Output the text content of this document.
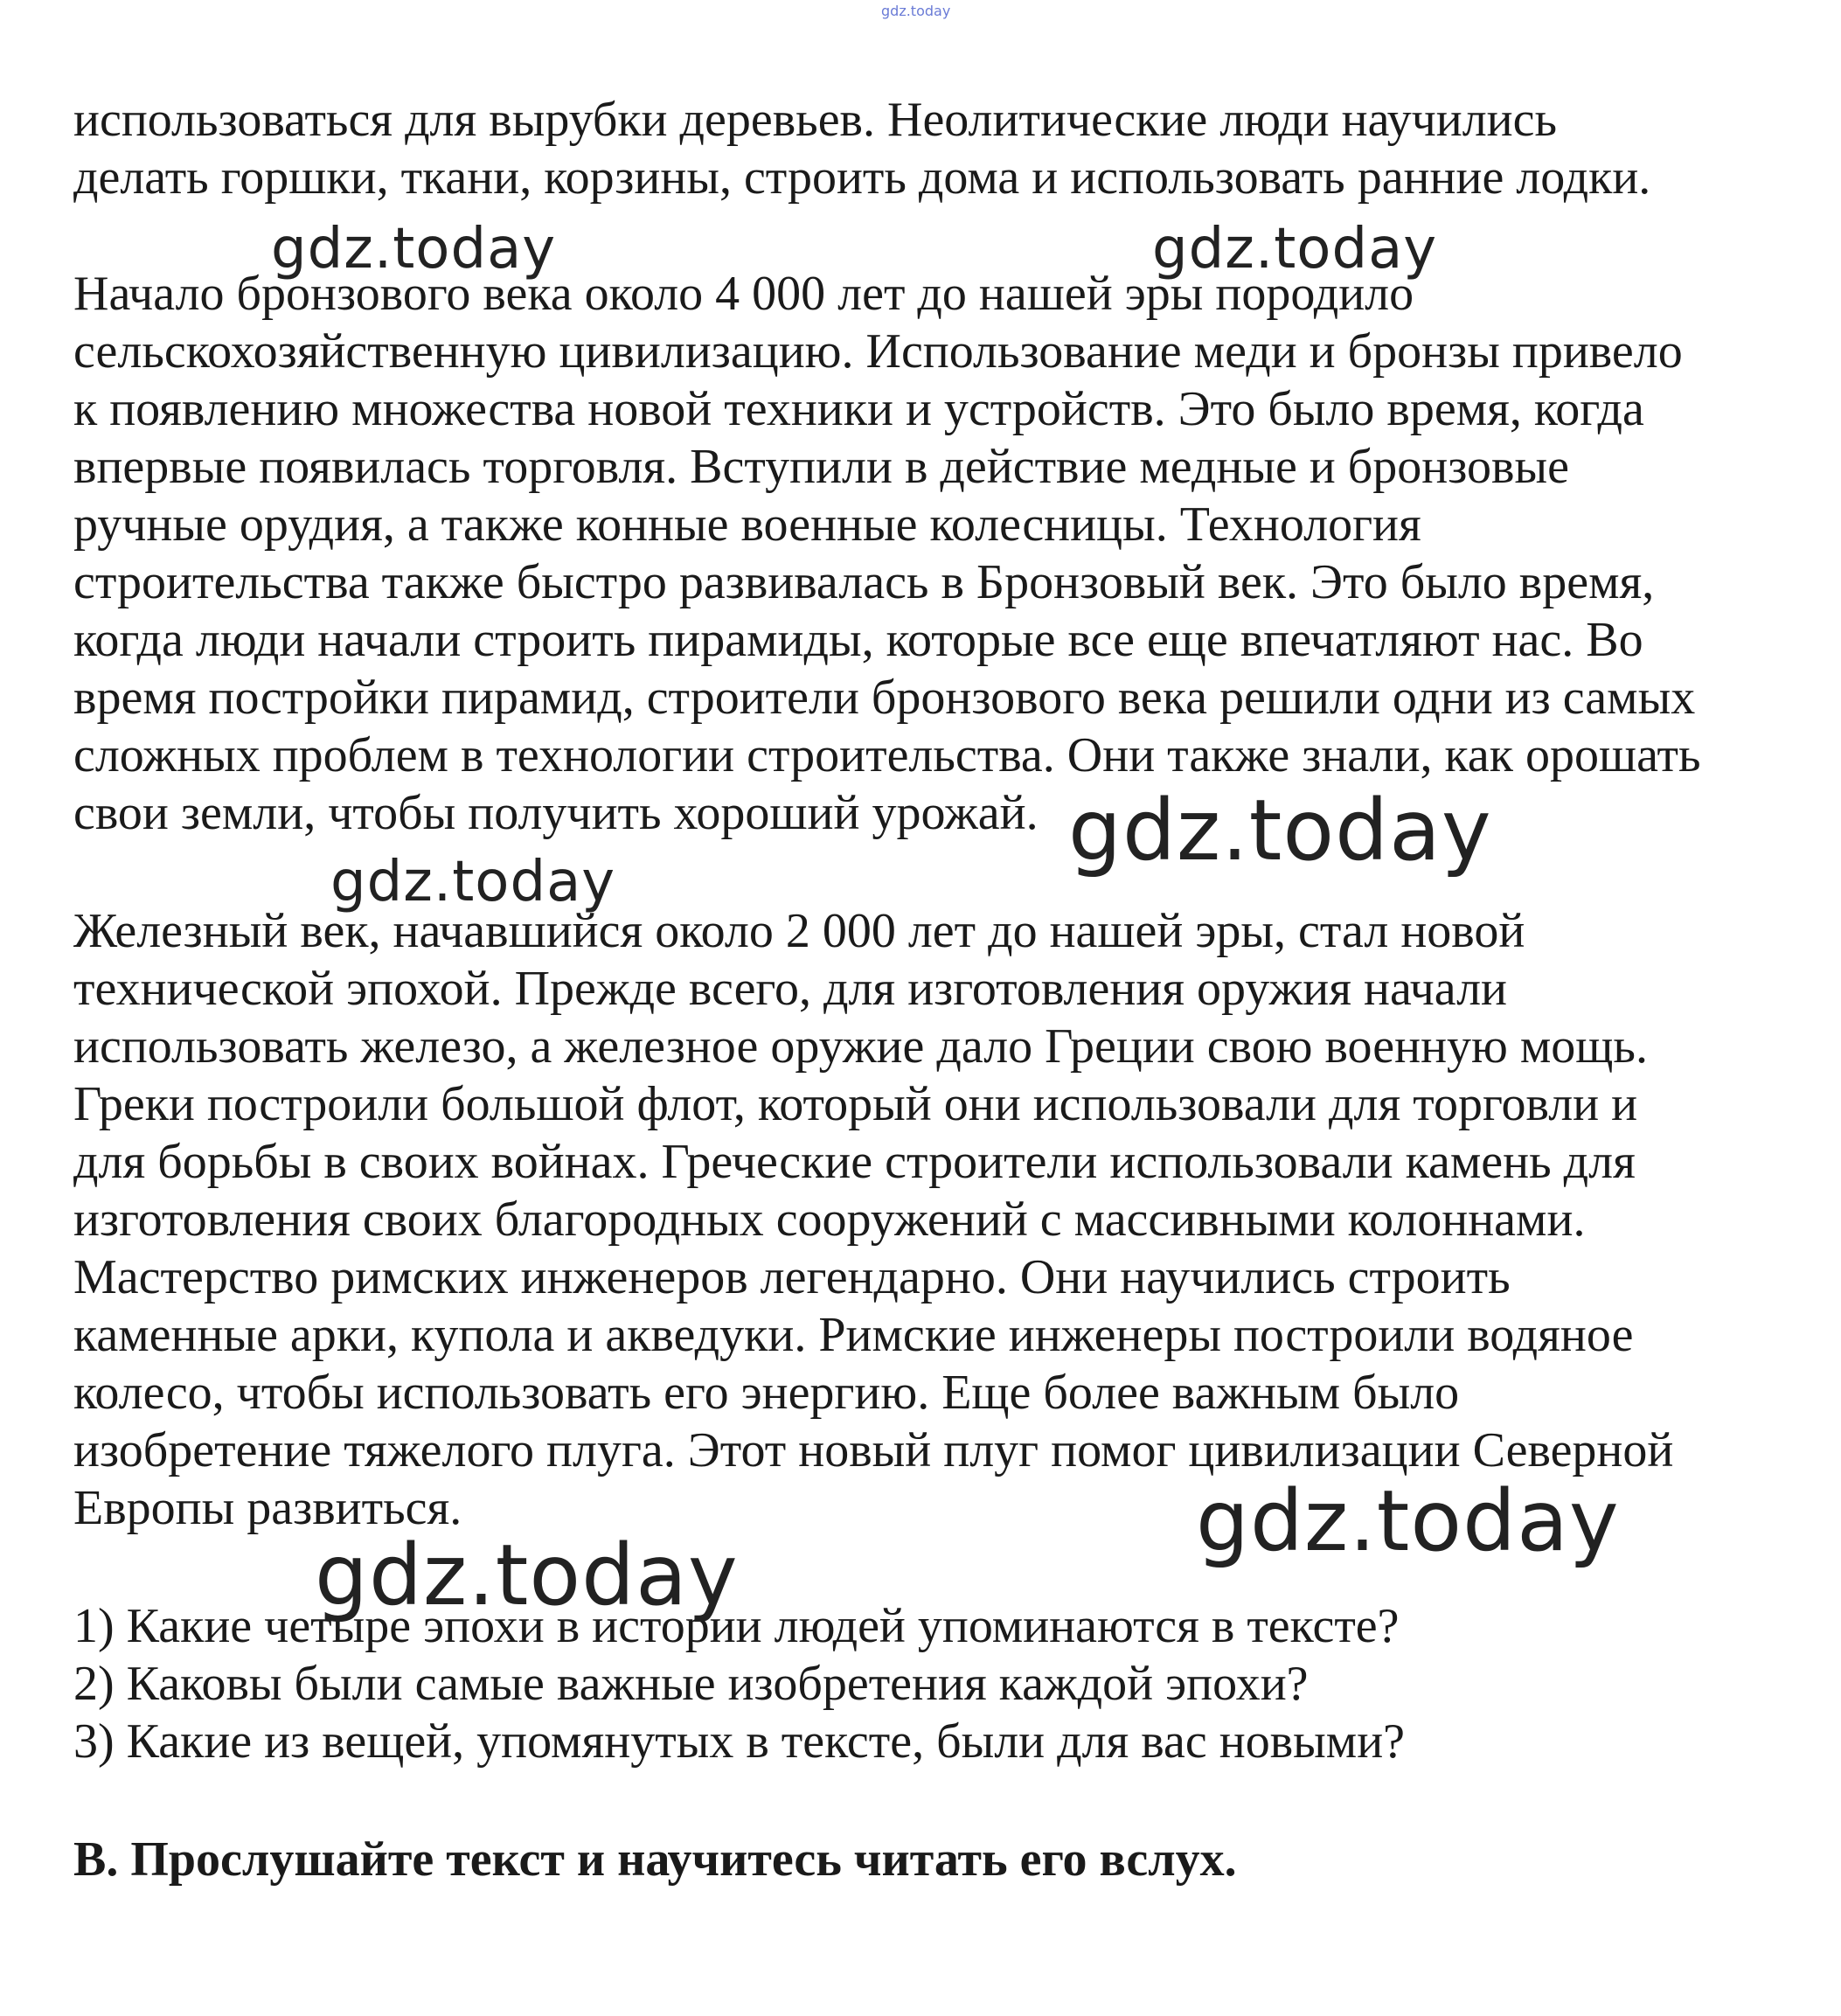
gdz.today
использоваться для вырубки деревьев. Неолитические люди научились
делать горшки, ткани, корзины, строить дома и использовать ранние лодки.
Начало бронзового века около 4 000 лет до нашей эры породило
сельскохозяйственную цивилизацию. Использование меди и бронзы привело
к появлению множества новой техники и устройств. Это было время, когда
впервые появилась торговля. Вступили в действие медные и бронзовые
ручные орудия, а также конные военные колесницы. Технология
строительства также быстро развивалась в Бронзовый век. Это было время,
когда люди начали строить пирамиды, которые все еще впечатляют нас. Во
время постройки пирамид, строители бронзового века решили одни из самых
сложных проблем в технологии строительства. Они также знали, как орошать
свои земли, чтобы получить хороший урожай.
Железный век, начавшийся около 2 000 лет до нашей эры, стал новой
технической эпохой. Прежде всего, для изготовления оружия начали
использовать железо, а железное оружие дало Греции свою военную мощь.
Греки построили большой флот, который они использовали для торговли и
для борьбы в своих войнах. Греческие строители использовали камень для
изготовления своих благородных сооружений с массивными колоннами.
Мастерство римских инженеров легендарно. Они научились строить
каменные арки, купола и акведуки. Римские инженеры построили водяное
колесо, чтобы использовать его энергию. Еще более важным было
изобретение тяжелого плуга. Этот новый плуг помог цивилизации Северной
Европы развиться.
1) Какие четыре эпохи в истории людей упоминаются в тексте?
2) Каковы были самые важные изобретения каждой эпохи?
3) Какие из вещей, упомянутых в тексте, были для вас новыми?
B. Прослушайте текст и научитесь читать его вслух.
gdz.today	gdz.today
gdz.today
gdz.today
gdz.today
gdz.today
